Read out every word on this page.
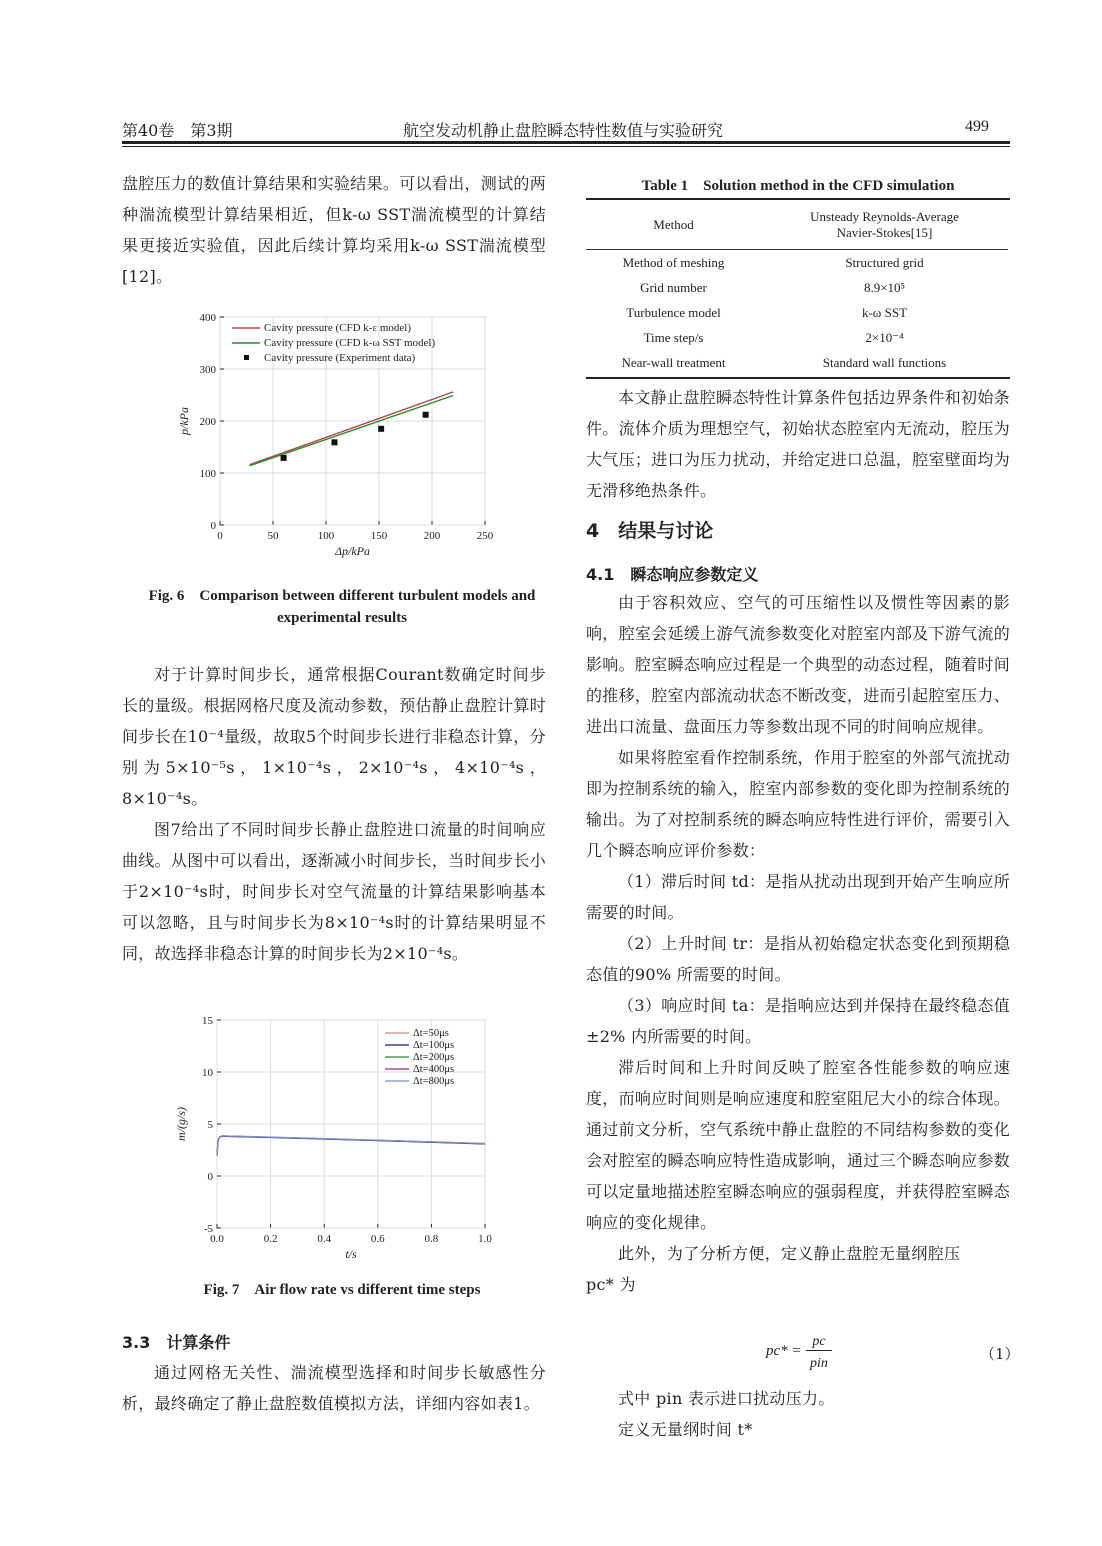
第40卷　第3期	航空发动机静止盘腔瞬态特性数值与实验研究	499

盘腔压力的数值计算结果和实验结果。可以看出，测试的两种湍流模型计算结果相近，但k-ω SST湍流模型的计算结果更接近实验值，因此后续计算均采用k-ω SST湍流模型[12]。

0	50	100	150	200	250
0
100
200
300
400
Δp/kPa
p/kPa
Cavity pressure (CFD k-ε model)
Cavity pressure (CFD k-ω SST model)
Cavity pressure (Experiment data)
Fig. 6　Comparison between different turbulent models and
experimental results

对于计算时间步长，通常根据Courant数确定时间步长的量级。根据网格尺度及流动参数，预估静止盘腔计算时间步长在10⁻⁴量级，故取5个时间步长进行非稳态计算，分别为5×10⁻⁵s，1×10⁻⁴s，2×10⁻⁴s，4×10⁻⁴s，8×10⁻⁴s。

图7给出了不同时间步长静止盘腔进口流量的时间响应曲线。从图中可以看出，逐渐减小时间步长，当时间步长小于2×10⁻⁴s时，时间步长对空气流量的计算结果影响基本可以忽略，且与时间步长为8×10⁻⁴s时的计算结果明显不同，故选择非稳态计算的时间步长为2×10⁻⁴s。

0.0	0.2	0.4	0.6	0.8	1.0
-5
0
5
10
15
t/s
m/(g/s)
Δt=50μs
Δt=100μs
Δt=200μs
Δt=400μs
Δt=800μs
Fig. 7　Air flow rate vs different time steps
3.3　计算条件

通过网格无关性、湍流模型选择和时间步长敏感性分析，最终确定了静止盘腔数值模拟方法，详细内容如表1。

Table 1　Solution method in the CFD simulation
Method	Unsteady Reynolds-Average
Navier-Stokes[15]

Method of meshing	Structured grid
Grid number	8.9×10⁵
Turbulence model	k-ω SST
Time step/s	2×10⁻⁴
Near-wall treatment	Standard wall functions

本文静止盘腔瞬态特性计算条件包括边界条件和初始条件。流体介质为理想空气，初始状态腔室内无流动，腔压为大气压；进口为压力扰动，并给定进口总温，腔室壁面均为无滑移绝热条件。

4　结果与讨论
4.1　瞬态响应参数定义

由于容积效应、空气的可压缩性以及惯性等因素的影响，腔室会延缓上游气流参数变化对腔室内部及下游气流的影响。腔室瞬态响应过程是一个典型的动态过程，随着时间的推移，腔室内部流动状态不断改变，进而引起腔室压力、进出口流量、盘面压力等参数出现不同的时间响应规律。

如果将腔室看作控制系统，作用于腔室的外部气流扰动即为控制系统的输入，腔室内部参数的变化即为控制系统的输出。为了对控制系统的瞬态响应特性进行评价，需要引入几个瞬态响应评价参数：

（1）滞后时间 td：是指从扰动出现到开始产生响应所需要的时间。

（2）上升时间 tr：是指从初始稳定状态变化到预期稳态值的90% 所需要的时间。

（3）响应时间 ta：是指响应达到并保持在最终稳态值±2% 内所需要的时间。

滞后时间和上升时间反映了腔室各性能参数的响应速度，而响应时间则是响应速度和腔室阻尼大小的综合体现。通过前文分析，空气系统中静止盘腔的不同结构参数的变化会对腔室的瞬态响应特性造成影响，通过三个瞬态响应参数可以定量地描述腔室瞬态响应的强弱程度，并获得腔室瞬态响应的变化规律。

此外，为了分析方便，定义静止盘腔无量纲腔压

pc* 为

pc* =
pc
pin
（1）

式中 pin 表示进口扰动压力。

定义无量纲时间 t*
